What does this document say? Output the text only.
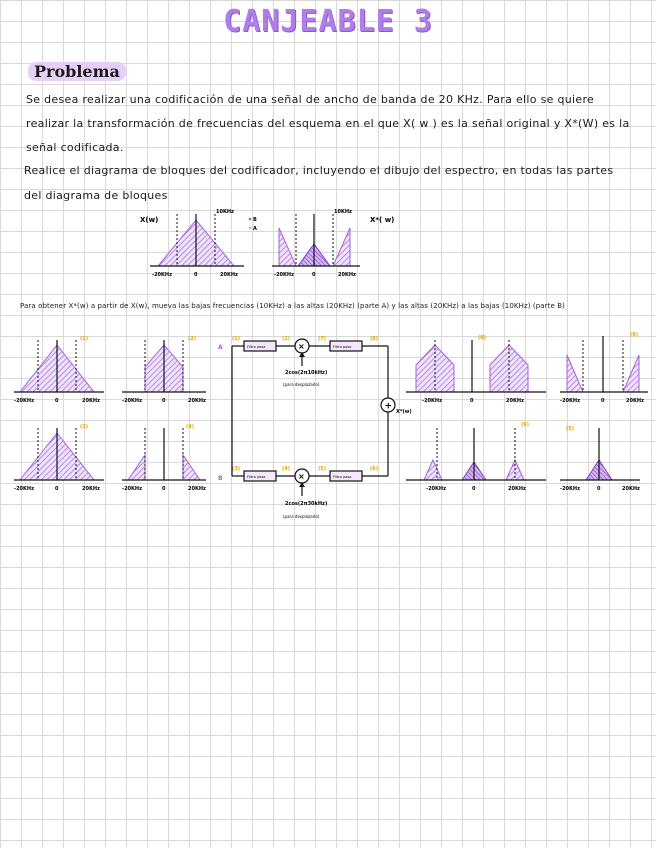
CANJEABLE 3
Problema
Se desea realizar una codificación de una señal de ancho de banda de 20 KHz. Para ello se quiere
realizar la transformación de frecuencias del esquema en el que X( w ) es la señal original y X*(W) es la
señal codificada.
Realice el diagrama de bloques del codificador, incluyendo el dibujo del espectro, en todas las partes
del diagrama de bloques
Para obtener X*(w) a partir de X(w), mueva las bajas frecuencias (10KHz) a las altas (20KHz) (parte A) y las altas (20KHz) a las bajas (10KHz) (parte B)
X(w)
10KHz
B
A
-20KHz	0	20KHz
10KHz
X*( w)
-20KHz	0	20KHz
(1)
-20KHz	0	20KHz
(2)
-20KHz	0	20KHz
(3)
-20KHz	0	20KHz
(4)
-20KHz	0	20KHz
A	Filtro pasa	×	Filtro pasa
2cos(2π10kHz)
(para desplazarlo)
(1)	(2)	(7)	(8)
B	Filtro pasa	×	Filtro pasa
2cos(2π30kHz)
(para desplazarlo)
(3)	(4)	(5)	(6)
+
X*(w)
(8)
-20KHz	0	20KHz
(9)
-20KHz	0	20KHz
(6)
-20KHz	0	20KHz
(5)
-20KHz	0	20KHz
